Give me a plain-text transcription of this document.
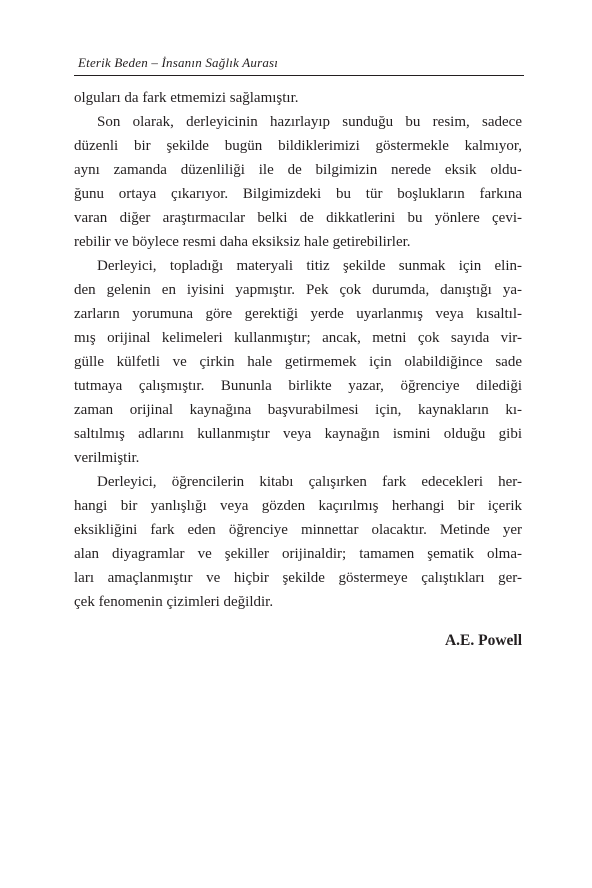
Eterik Beden – İnsanın Sağlık Aurası
olguları da fark etmemizi sağlamıştır.
Son olarak, derleyicinin hazırlayıp sunduğu bu resim, sadece
düzenli bir şekilde bugün bildiklerimizi göstermekle kalmıyor,
aynı zamanda düzenliliği ile de bilgimizin nerede eksik oldu-
ğunu ortaya çıkarıyor. Bilgimizdeki bu tür boşlukların farkına
varan diğer araştırmacılar belki de dikkatlerini bu yönlere çevi-
rebilir ve böylece resmi daha eksiksiz hale getirebilirler.
Derleyici, topladığı materyali titiz şekilde sunmak için elin-
den gelenin en iyisini yapmıştır. Pek çok durumda, danıştığı ya-
zarların yorumuna göre gerektiği yerde uyarlanmış veya kısaltıl-
mış orijinal kelimeleri kullanmıştır; ancak, metni çok sayıda vir-
gülle külfetli ve çirkin hale getirmemek için olabildiğince sade
tutmaya çalışmıştır. Bununla birlikte yazar, öğrenciye dilediği
zaman orijinal kaynağına başvurabilmesi için, kaynakların kı-
saltılmış adlarını kullanmıştır veya kaynağın ismini olduğu gibi
verilmiştir.
Derleyici, öğrencilerin kitabı çalışırken fark edecekleri her-
hangi bir yanlışlığı veya gözden kaçırılmış herhangi bir içerik
eksikliğini fark eden öğrenciye minnettar olacaktır. Metinde yer
alan diyagramlar ve şekiller orijinaldir; tamamen şematik olma-
ları amaçlanmıştır ve hiçbir şekilde göstermeye çalıştıkları ger-
çek fenomenin çizimleri değildir.
A.E. Powell
